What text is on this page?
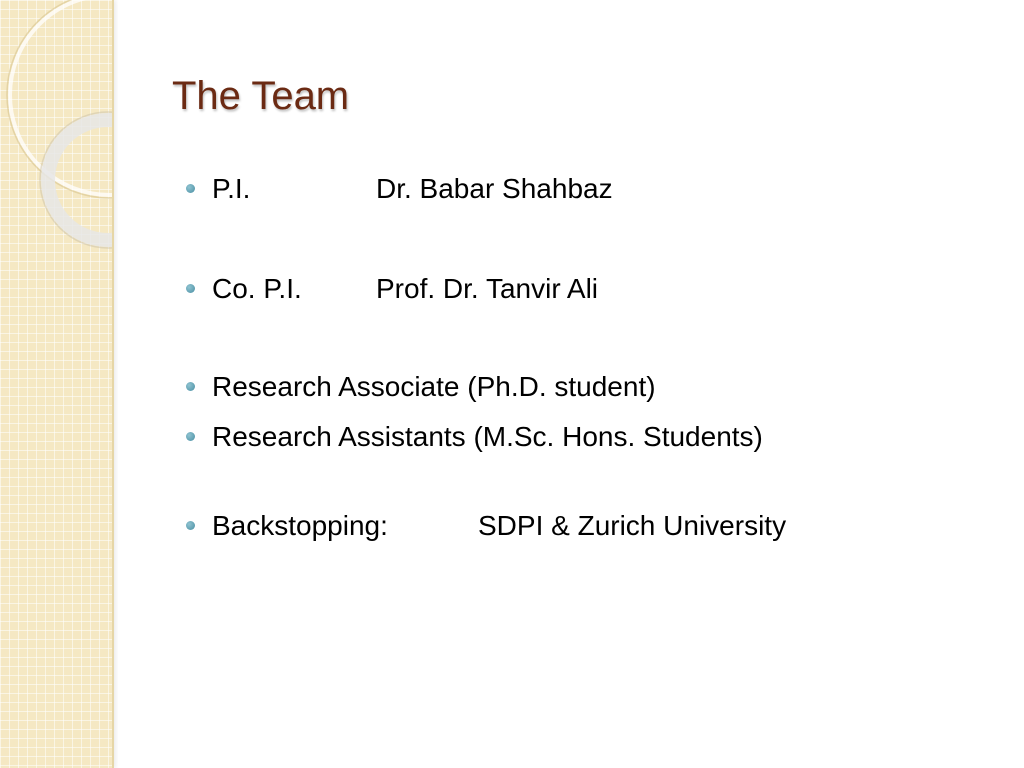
The Team
P.I.	Dr. Babar Shahbaz
Co. P.I.	Prof. Dr. Tanvir Ali
Research Associate (Ph.D. student)
Research Assistants (M.Sc. Hons. Students)
Backstopping:	SDPI & Zurich University
